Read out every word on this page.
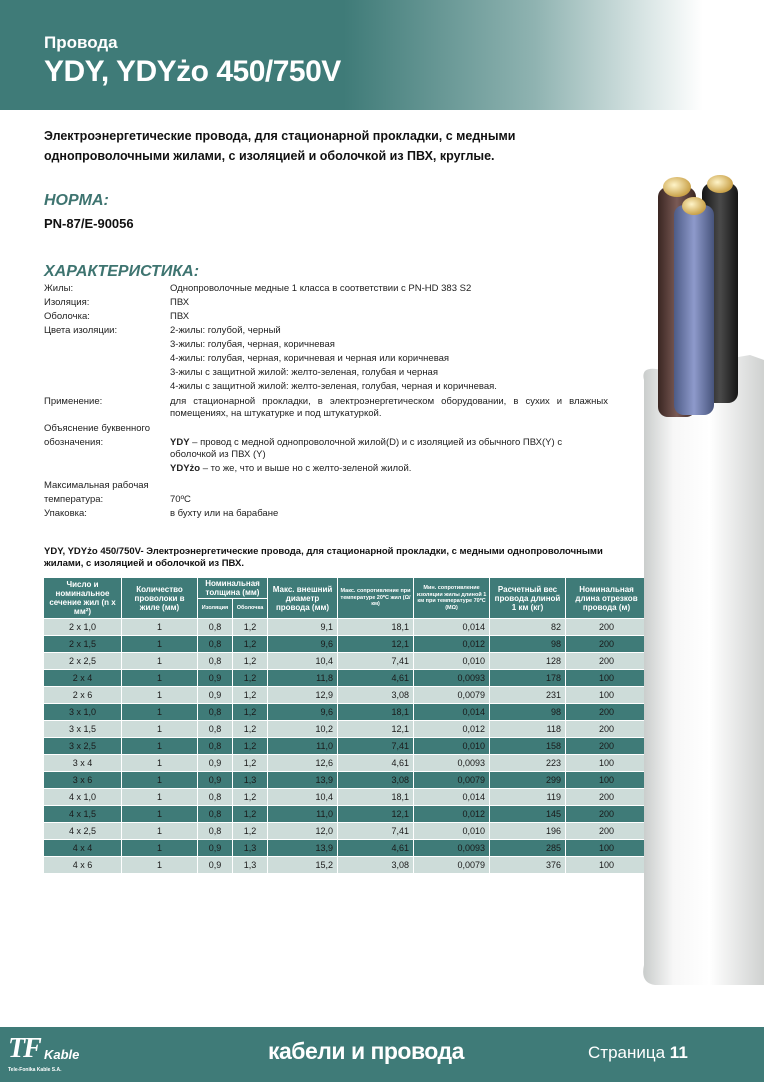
Провода
YDY, YDYżo 450/750V
Электроэнергетические провода, для стационарной прокладки, с медными однопроволочными жилами, с изоляцией и оболочкой из ПВХ, круглые.
НОРМА:
PN-87/E-90056
ХАРАКТЕРИСТИКА:
Жилы:	Однопроволочные медные 1 класса в соответствии с PN-HD 383 S2
Изоляция:	ПВХ
Оболочка:	ПВХ
Цвета изоляции:	2-жилы: голубой, черный
3-жилы: голубая, черная, коричневая
4-жилы: голубая, черная, коричневая и черная или коричневая
3-жилы с защитной жилой: желто-зеленая, голубая и черная
4-жилы с защитной жилой: желто-зеленая, голубая, черная и коричневая.
Применение:	для стационарной прокладки, в электроэнергетическом оборудовании, в сухих и влажных помещениях, на штукатурке и под штукатуркой.
Объяснение буквенного
обозначения:	YDY – провод с медной однопроволочной жилой(D) и с изоляцией из обычного ПВХ(Y) с оболочкой из ПВХ (Y)
YDYżo – то же, что и выше но с желто-зеленой жилой.
Максимальная рабочая
температура:	70ºC
Упаковка:	в бухту или на барабане
YDY, YDYżo 450/750V- Электроэнергетические провода, для стационарной прокладки, с медными однопроволочными жилами, с изоляцией и оболочкой из ПВХ.
Число и номинальное сечение жил (n x мм²)	Количество проволоки в жиле (мм)	Номинальная толщина (мм)		Макс. внешний диаметр провода (мм)	Макс. сопротивление при температуре 20ºC жил (Ω/км)	Мин. сопротивление изоляции жилы длиной 1 км при температуре 70ºC (MΩ)	Расчетный вес провода длиной 1 км (кг)	Номинальная длина отрезков провода (м)
		Изоляция	Оболочка					
2 x 1,0	1	0,8	1,2	9,1	18,1	0,014	82	200
2 x 1,5	1	0,8	1,2	9,6	12,1	0,012	98	200
2 x 2,5	1	0,8	1,2	10,4	7,41	0,010	128	200
2 x 4	1	0,9	1,2	11,8	4,61	0,0093	178	100
2 x 6	1	0,9	1,2	12,9	3,08	0,0079	231	100
3 x 1,0	1	0,8	1,2	9,6	18,1	0,014	98	200
3 x 1,5	1	0,8	1,2	10,2	12,1	0,012	118	200
3 x 2,5	1	0,8	1,2	11,0	7,41	0,010	158	200
3 x 4	1	0,9	1,2	12,6	4,61	0,0093	223	100
3 x 6	1	0,9	1,3	13,9	3,08	0,0079	299	100
4 x 1,0	1	0,8	1,2	10,4	18,1	0,014	119	200
4 x 1,5	1	0,8	1,2	11,0	12,1	0,012	145	200
4 x 2,5	1	0,8	1,2	12,0	7,41	0,010	196	200
4 x 4	1	0,9	1,3	13,9	4,61	0,0093	285	100
4 x 6	1	0,9	1,3	15,2	3,08	0,0079	376	100
TF Kable
Tele-Fonika Kable S.A.
кабели и провода	Страница 11
